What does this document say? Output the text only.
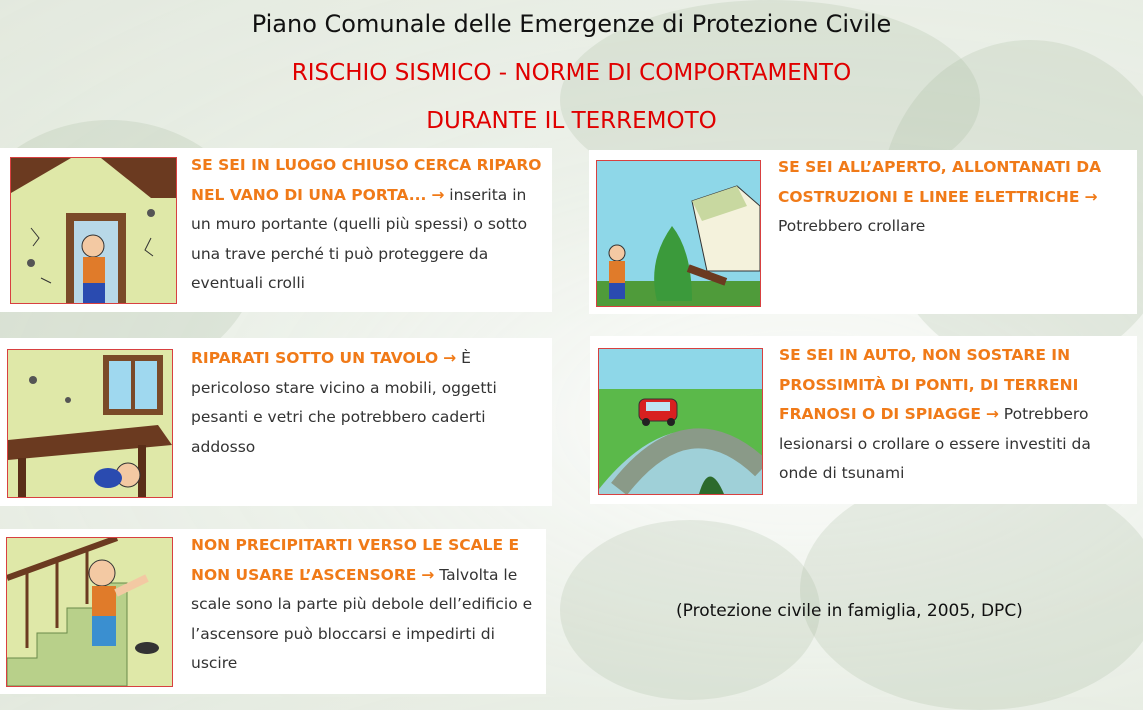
Piano Comunale delle Emergenze di Protezione Civile
RISCHIO SISMICO - NORME DI COMPORTAMENTO
DURANTE IL TERREMOTO
SE SEI IN LUOGO CHIUSO CERCA RIPARO NEL VANO DI UNA PORTA... → inserita in un muro portante (quelli più spessi) o sotto una trave perché ti può proteggere da eventuali crolli
SE SEI ALL’APERTO, ALLONTANATI DA COSTRUZIONI E LINEE ELETTRICHE → Potrebbero crollare
RIPARATI SOTTO UN TAVOLO → È pericoloso stare vicino a mobili, oggetti pesanti e vetri che potrebbero caderti addosso
SE SEI IN AUTO, NON SOSTARE IN PROSSIMITÀ DI PONTI, DI TERRENI FRANOSI O DI SPIAGGE → Potrebbero lesionarsi o crollare o essere investiti da onde di tsunami
NON PRECIPITARTI VERSO LE SCALE E NON USARE L’ASCENSORE → Talvolta le scale sono la parte più debole dell’edificio e l’ascensore può bloccarsi e impedirti di uscire
(Protezione civile in famiglia, 2005, DPC)
